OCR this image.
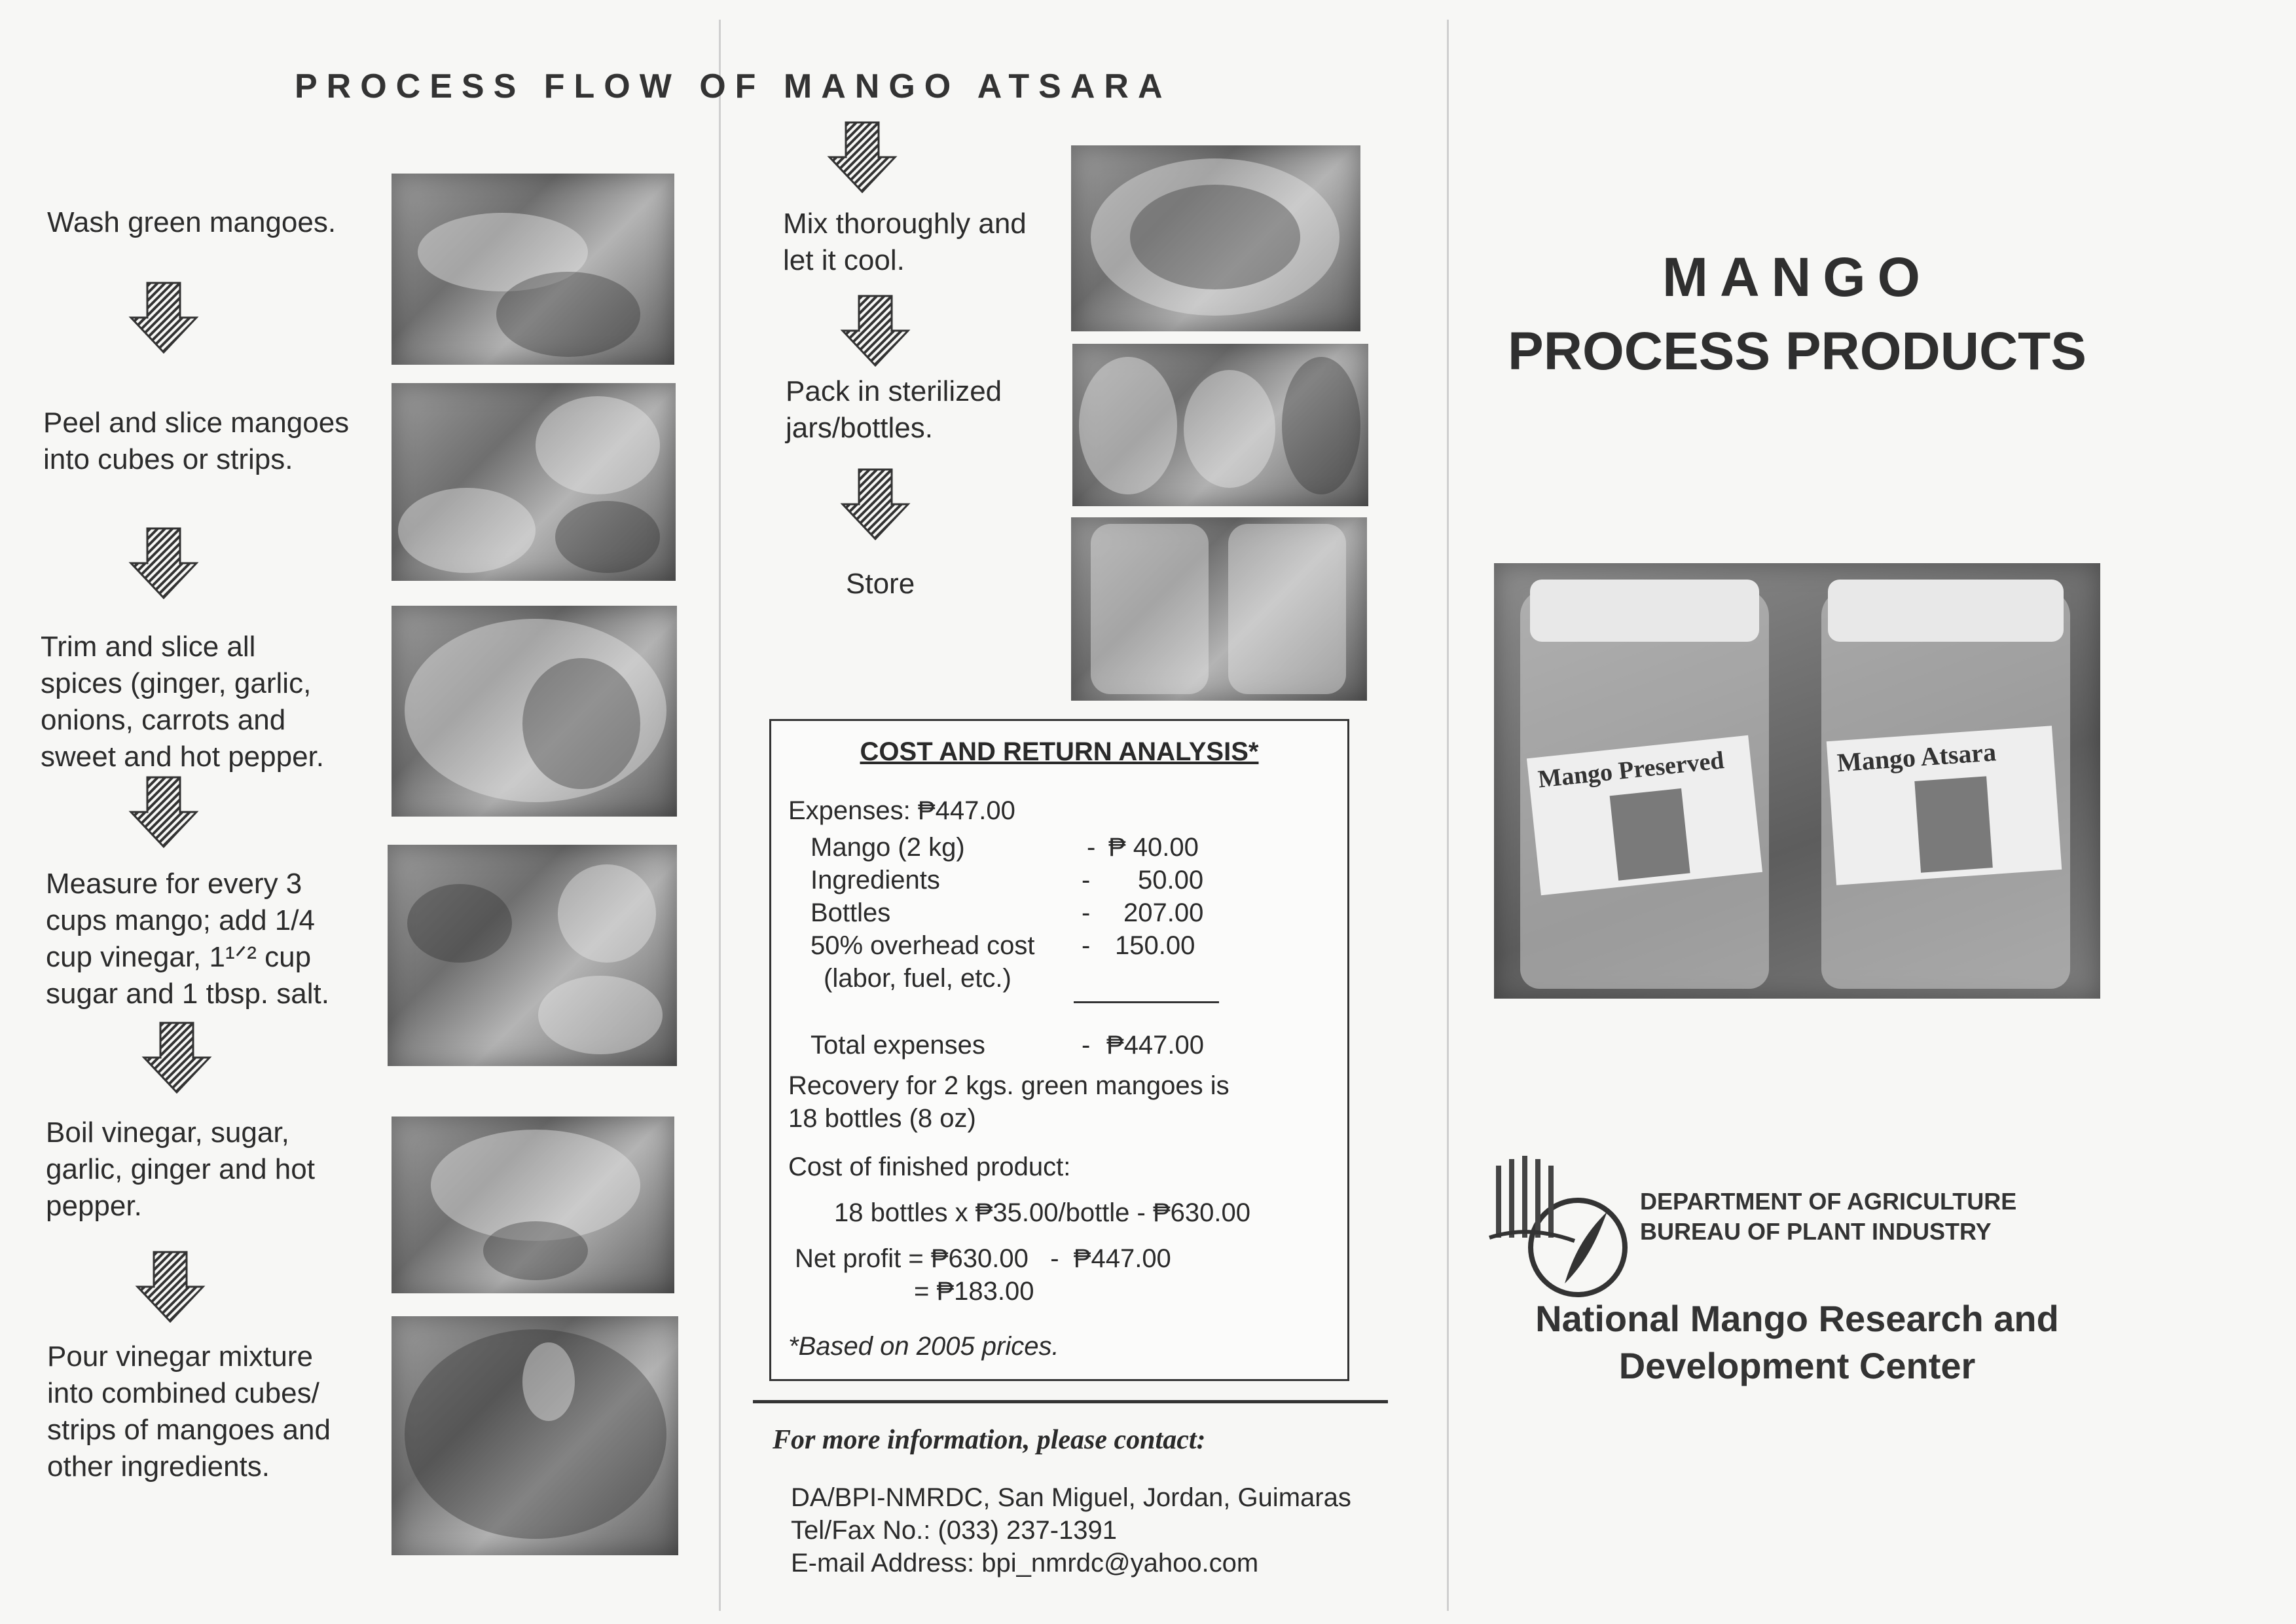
PROCESS FLOW OF MANGO ATSARA
Wash green mangoes.
Peel and slice mangoes
into cubes or strips.
Trim and slice all
spices (ginger, garlic,
onions, carrots and
sweet and hot pepper.
Measure for every 3
cups mango; add 1/4
cup vinegar, 1¹ᐟ² cup
sugar and 1 tbsp. salt.
Boil vinegar, sugar,
garlic, ginger and hot
pepper.
Pour vinegar mixture
into combined cubes/
strips of mangoes and
other ingredients.
Mix thoroughly and
let it cool.
Pack in sterilized
jars/bottles.
Store
COST AND RETURN ANALYSIS*
Expenses: ₱447.00
Mango (2 kg)	- ₱ 40.00
Ingredients	- 50.00
Bottles	- 207.00
50% overhead cost - 150.00
(labor, fuel, etc.)
Total expenses	- ₱447.00
Recovery for 2 kgs. green mangoes is
18 bottles (8 oz)
Cost of finished product:
18 bottles x ₱35.00/bottle - ₱630.00
Net profit = ₱630.00   -  ₱447.00
= ₱183.00
*Based on 2005 prices.
For more information, please contact:
DA/BPI-NMRDC, San Miguel, Jordan, Guimaras
Tel/Fax No.: (033) 237-1391
E-mail Address: bpi_nmrdc@yahoo.com
MANGO
PROCESS PRODUCTS
Mango Preserved	Mango Atsara
DEPARTMENT OF AGRICULTURE
BUREAU OF PLANT INDUSTRY
National Mango Research and
Development Center
